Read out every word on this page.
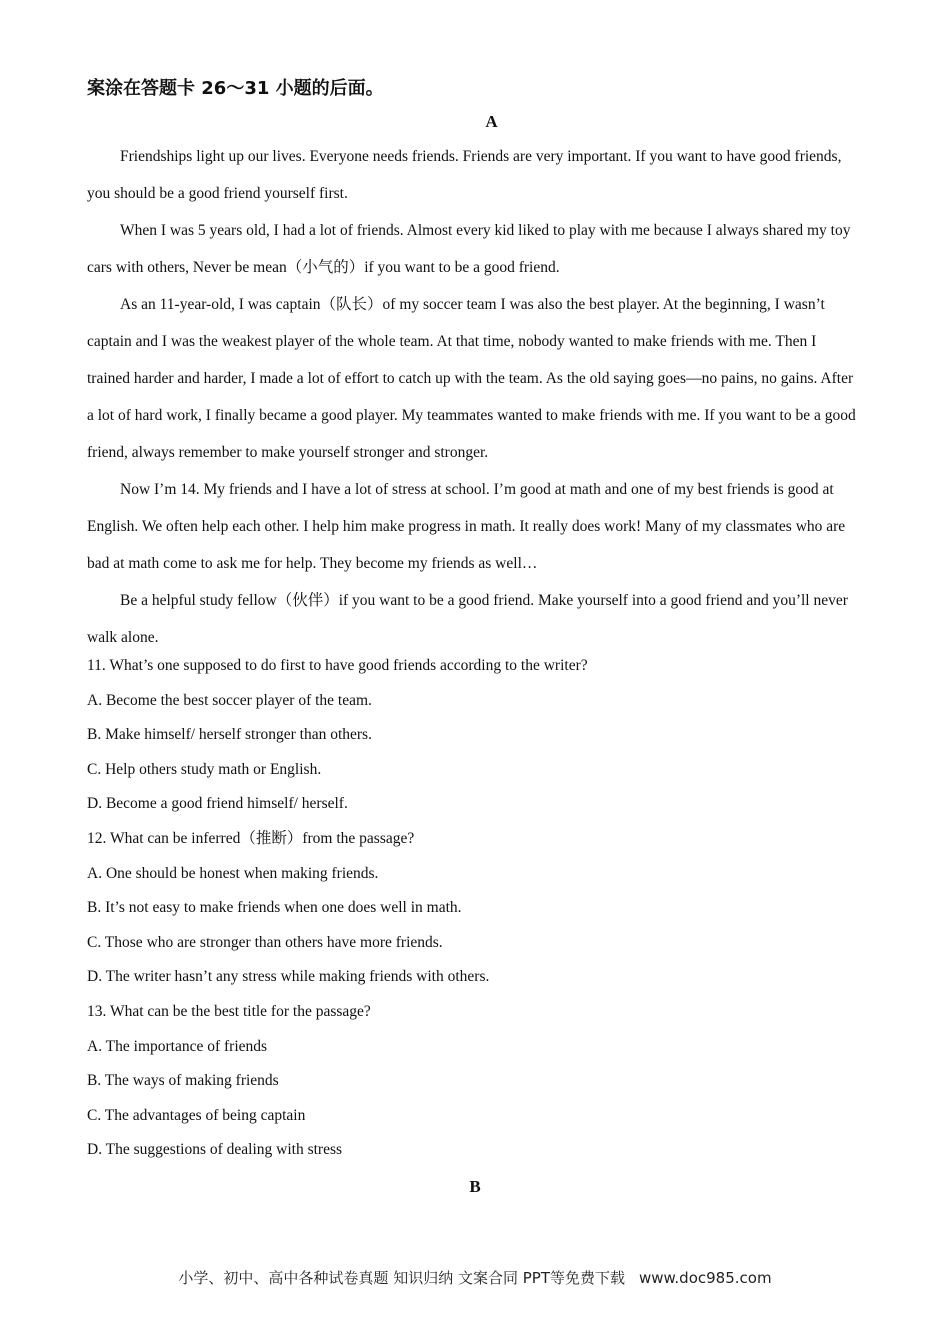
案涂在答题卡 26～31 小题的后面。
A

Friendships light up our lives. Everyone needs friends. Friends are very important. If you want to have good friends, you should be a good friend yourself first.

When I was 5 years old, I had a lot of friends. Almost every kid liked to play with me because I always shared my toy cars with others, Never be mean（小气的）if you want to be a good friend.

As an 11-year-old, I was captain（队长）of my soccer team I was also the best player. At the beginning, I wasn’t captain and I was the weakest player of the whole team. At that time, nobody wanted to make friends with me. Then I trained harder and harder, I made a lot of effort to catch up with the team. As the old saying goes—no pains, no gains. After a lot of hard work, I finally became a good player. My teammates wanted to make friends with me. If you want to be a good friend, always remember to make yourself stronger and stronger.

Now I’m 14. My friends and I have a lot of stress at school. I’m good at math and one of my best friends is good at English. We often help each other. I help him make progress in math. It really does work! Many of my classmates who are bad at math come to ask me for help. They become my friends as well…

Be a helpful study fellow（伙伴）if you want to be a good friend. Make yourself into a good friend and you’ll never walk alone.

11. What’s one supposed to do first to have good friends according to the writer?
A. Become the best soccer player of the team.
B. Make himself/ herself stronger than others.
C. Help others study math or English.
D. Become a good friend himself/ herself.
12. What can be inferred（推断）from the passage?
A. One should be honest when making friends.
B. It’s not easy to make friends when one does well in math.
C. Those who are stronger than others have more friends.
D. The writer hasn’t any stress while making friends with others.
13. What can be the best title for the passage?
A. The importance of friends
B. The ways of making friends
C. The advantages of being captain
D. The suggestions of dealing with stress
B
小学、初中、高中各种试卷真题 知识归纳 文案合同 PPT等免费下载 www.doc985.com
